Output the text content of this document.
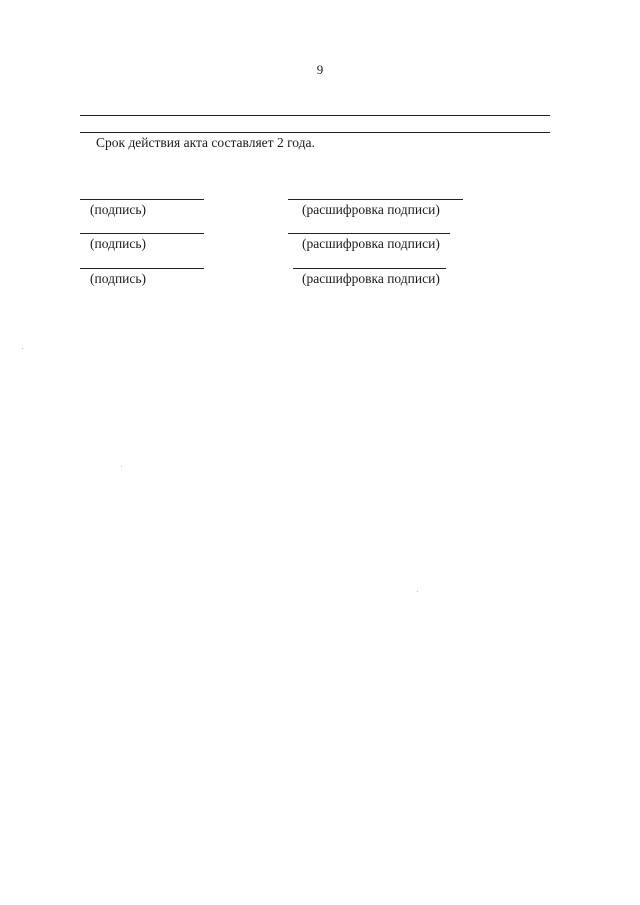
9
Срок действия акта составляет 2 года.
(подпись)	(расшифровка подписи)
(подпись)	(расшифровка подписи)
(подпись)	(расшифровка подписи)
